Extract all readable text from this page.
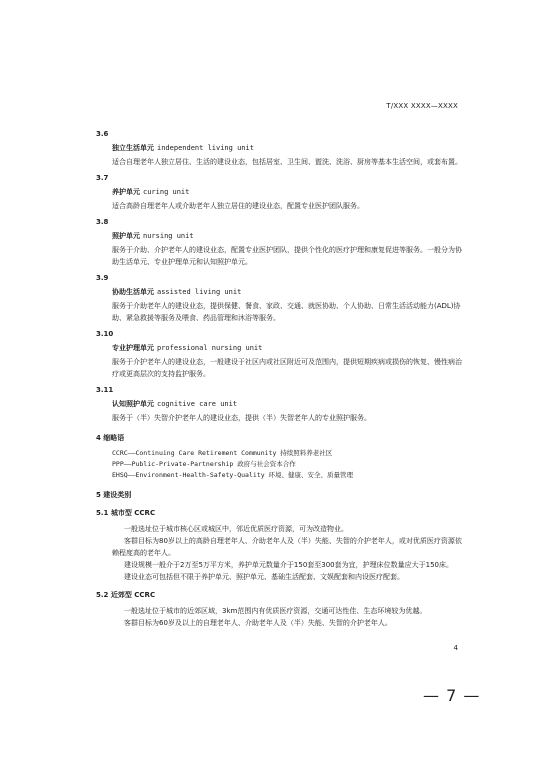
T/XXX XXXX—XXXX
3.6
独立生活单元 independent living unit
适合自理老年人独立居住、生活的建设业态，包括居室、卫生间、盥洗、洗浴、厨房等基本生活空间，或套布置。
3.7
养护单元 curing unit
适合高龄自理老年人或介助老年人独立居住的建设业态，配置专业医护团队服务。
3.8
照护单元 nursing unit
服务于介助、介护老年人的建设业态，配置专业医护团队，提供个性化的医疗护理和康复促进等服务。一般分为协助生活单元、专业护理单元和认知照护单元。
3.9
协助生活单元 assisted living unit
服务于介助老年人的建设业态，提供保健、餐食、家政、交通、就医协助、个人协助、日常生活活动能力(ADL)协助、紧急救援等服务及喂食、药品管理和沐浴等服务。
3.10
专业护理单元 professional nursing unit
服务于介护老年人的建设业态，一般建设于社区内或社区附近可及范围内，提供短期疾病或损伤的恢复、慢性病治疗或更高层次的支持监护服务。
3.11
认知照护单元 cognitive care unit
服务于（半）失智介护老年人的建设业态，提供（半）失智老年人的专业照护服务。
4 缩略语
CCRC——Continuing Care Retirement Community 持续照料养老社区
PPP——Public-Private-Partnership 政府与社会资本合作
EHSQ——Environment-Health-Safety-Quality 环境、健康、安全、质量管理
5 建设类别
5.1 城市型 CCRC
一般选址位于城市核心区或城区中，邻近优质医疗资源，可为改造物业。
客群目标为80岁以上的高龄自理老年人、介助老年人及（半）失能、失智的介护老年人，或对优质医疗资源依赖程度高的老年人。
建设规模一般介于2万至5万平方米，养护单元数量介于150套至300套为宜，护理床位数量应大于150床。
建设业态可包括但不限于养护单元、照护单元、基础生活配套、文娱配套和内设医疗配套。
5.2 近郊型 CCRC
一般选址位于城市的近郊区域，3km范围内有优质医疗资源，交通可达性佳、生态环境较为优越。
客群目标为60岁及以上的自理老年人、介助老年人及（半）失能、失智的介护老年人。
4
— 7 —
